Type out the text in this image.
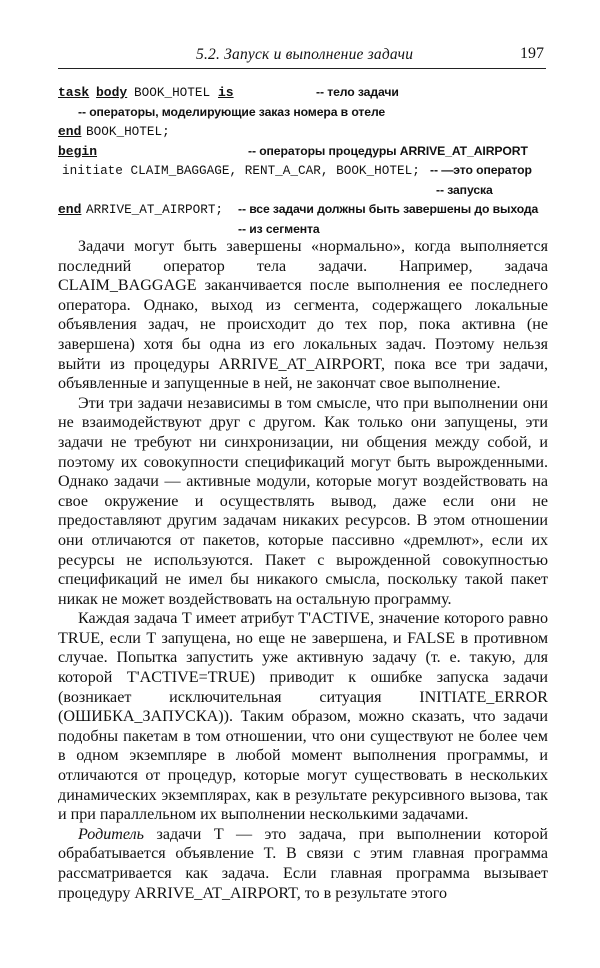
5.2. Запуск и выполнение задачи	197
task body BOOK_HOTEL is	-- тело задачи
-- операторы, моделирующие заказ номера в отеле
end BOOK_HOTEL;
begin	-- операторы процедуры ARRIVE_AT_AIRPORT
initiate CLAIM_BAGGAGE, RENT_A_CAR, BOOK_HOTEL; -- —это оператор
-- запуска
end ARRIVE_AT_AIRPORT; -- все задачи должны быть завершены до выхода
-- из сегмента

Задачи могут быть завершены «нормально», когда выполняется последний оператор тела задачи. Например, задача CLAIM_BAGGAGE заканчивается после выполнения ее последнего оператора. Однако, выход из сегмента, содержащего локальные объявления задач, не происходит до тех пор, пока активна (не завершена) хотя бы одна из его локальных задач. Поэтому нельзя выйти из процедуры ARRIVE_AT_AIRPORT, пока все три задачи, объявленные и запущенные в ней, не закончат свое выполнение.

Эти три задачи независимы в том смысле, что при выполнении они не взаимодействуют друг с другом. Как только они запущены, эти задачи не требуют ни синхронизации, ни общения между собой, и поэтому их совокупности спецификаций могут быть вырожденными. Однако задачи — активные модули, которые могут воздействовать на свое окружение и осуществлять вывод, даже если они не предоставляют другим задачам никаких ресурсов. В этом отношении они отличаются от пакетов, которые пассивно «дремлют», если их ресурсы не используются. Пакет с вырожденной совокупностью спецификаций не имел бы никакого смысла, поскольку такой пакет никак не может воздействовать на остальную программу.

Каждая задача T имеет атрибут T'ACTIVE, значение которого равно TRUE, если T запущена, но еще не завершена, и FALSE в противном случае. Попытка запустить уже активную задачу (т. е. такую, для которой T'ACTIVE=TRUE) приводит к ошибке запуска задачи (возникает исключительная ситуация INITIATE_ERROR (ОШИБКА_ЗАПУСКА)). Таким образом, можно сказать, что задачи подобны пакетам в том отношении, что они существуют не более чем в одном экземпляре в любой момент выполнения программы, и отличаются от процедур, которые могут существовать в нескольких динамических экземплярах, как в результате рекурсивного вызова, так и при параллельном их выполнении несколькими задачами.

Родитель задачи T — это задача, при выполнении которой обрабатывается объявление T. В связи с этим главная программа рассматривается как задача. Если главная программа вызывает процедуру ARRIVE_AT_AIRPORT, то в результате этого
